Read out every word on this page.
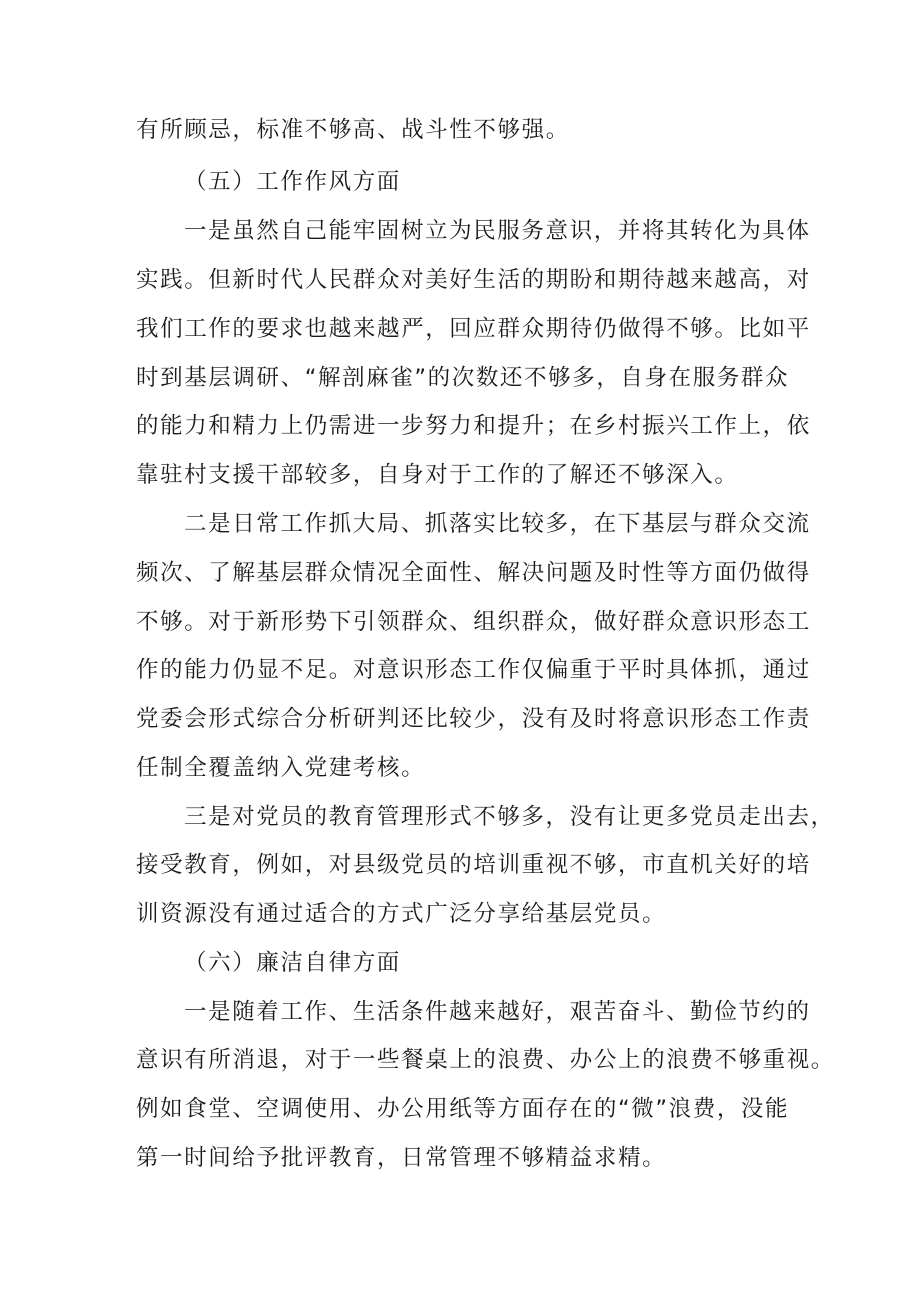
有所顾忌，标准不够高、战斗性不够强。

（五）工作作风方面

一是虽然自己能牢固树立为民服务意识，并将其转化为具体

实践。但新时代人民群众对美好生活的期盼和期待越来越高，对

我们工作的要求也越来越严，回应群众期待仍做得不够。比如平

时到基层调研、“解剖麻雀”的次数还不够多，自身在服务群众

的能力和精力上仍需进一步努力和提升；在乡村振兴工作上，依

靠驻村支援干部较多，自身对于工作的了解还不够深入。

二是日常工作抓大局、抓落实比较多，在下基层与群众交流

频次、了解基层群众情况全面性、解决问题及时性等方面仍做得

不够。对于新形势下引领群众、组织群众，做好群众意识形态工

作的能力仍显不足。对意识形态工作仅偏重于平时具体抓，通过

党委会形式综合分析研判还比较少，没有及时将意识形态工作责

任制全覆盖纳入党建考核。

三是对党员的教育管理形式不够多，没有让更多党员走出去，

接受教育，例如，对县级党员的培训重视不够，市直机关好的培

训资源没有通过适合的方式广泛分享给基层党员。

（六）廉洁自律方面

一是随着工作、生活条件越来越好，艰苦奋斗、勤俭节约的

意识有所消退，对于一些餐桌上的浪费、办公上的浪费不够重视。

例如食堂、空调使用、办公用纸等方面存在的“微”浪费，没能

第一时间给予批评教育，日常管理不够精益求精。
